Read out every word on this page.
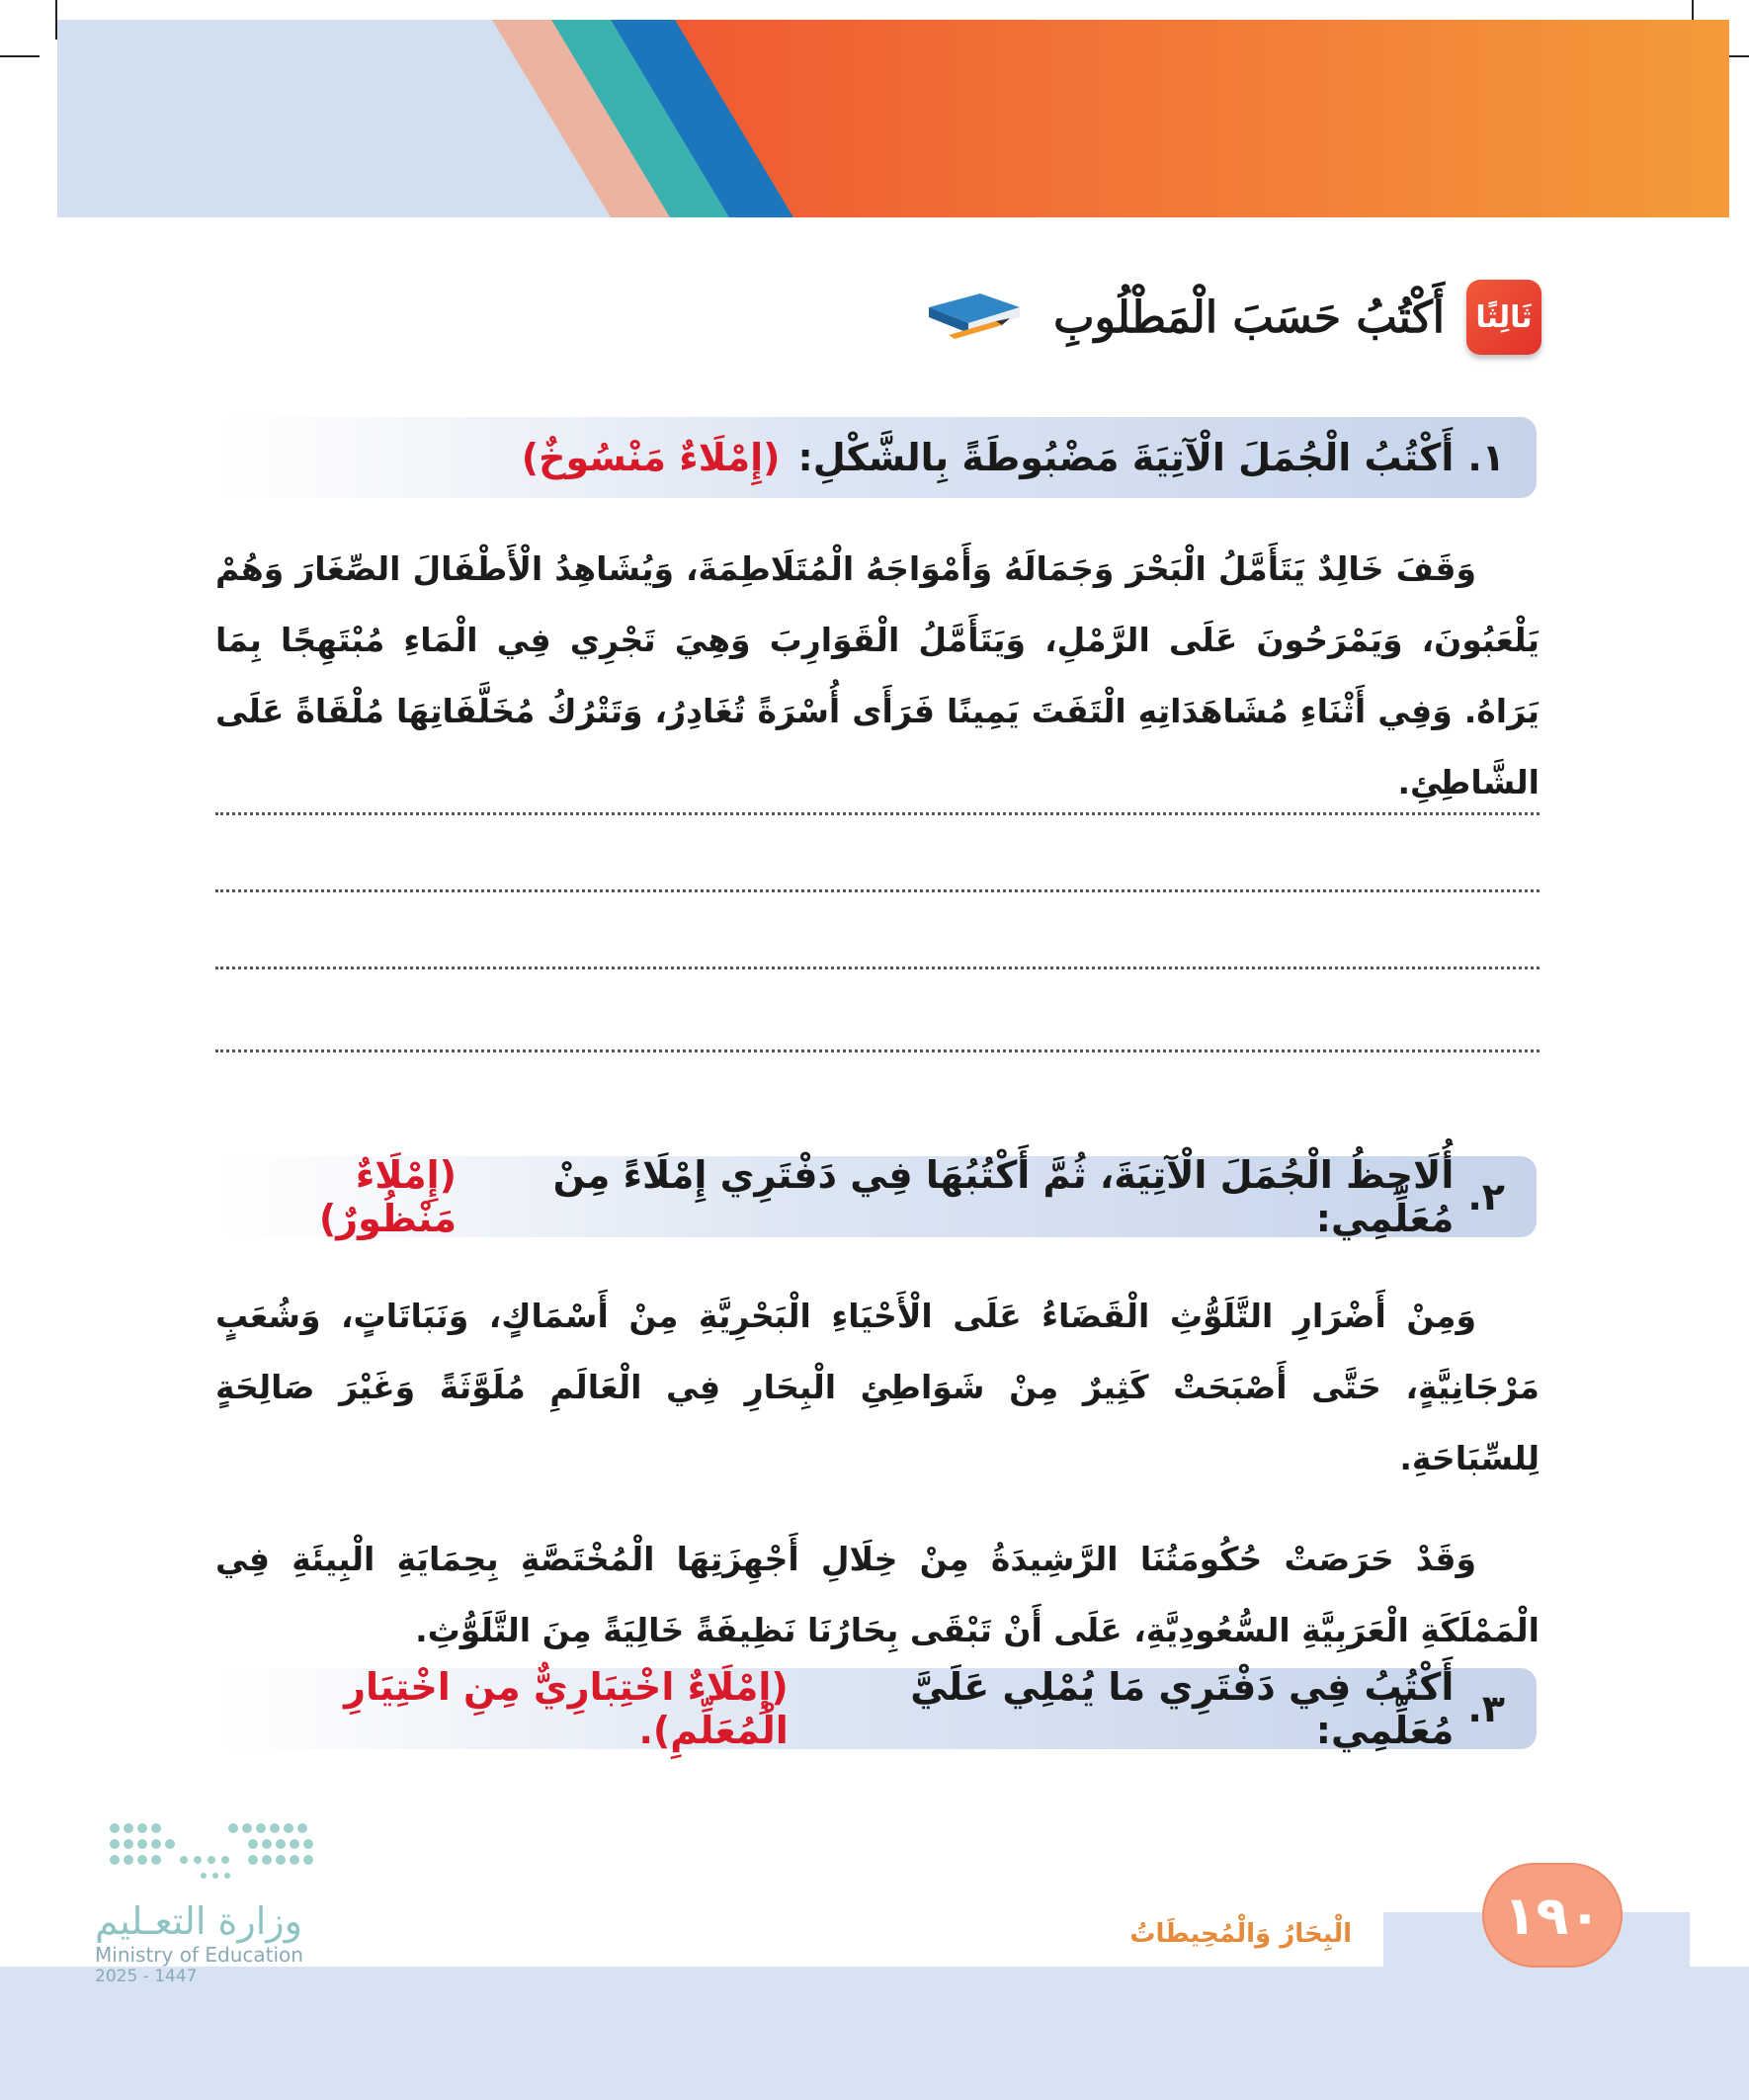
ثَالِثًا
أَكْتُبُ حَسَبَ الْمَطْلُوبِ
١.
أَكْتُبُ الْجُمَلَ الْآتِيَةَ مَضْبُوطَةً بِالشَّكْلِ:
(إِمْلَاءٌ مَنْسُوخٌ)

وَقَفَ خَالِدٌ يَتَأَمَّلُ الْبَحْرَ وَجَمَالَهُ وَأَمْوَاجَهُ الْمُتَلَاطِمَةَ، وَيُشَاهِدُ الْأَطْفَالَ الصِّغَارَ وَهُمْ يَلْعَبُونَ، وَيَمْرَحُونَ عَلَى الرَّمْلِ، وَيَتَأَمَّلُ الْقَوَارِبَ وَهِيَ تَجْرِي فِي الْمَاءِ مُبْتَهِجًا بِمَا يَرَاهُ. وَفِي أَثْنَاءِ مُشَاهَدَاتِهِ الْتَفَتَ يَمِينًا فَرَأَى أُسْرَةً تُغَادِرُ، وَتَتْرُكُ مُخَلَّفَاتِهَا مُلْقَاةً عَلَى الشَّاطِئِ.

٢.
أُلَاحِظُ الْجُمَلَ الْآتِيَةَ، ثُمَّ أَكْتُبُهَا فِي دَفْتَرِي إِمْلَاءً مِنْ مُعَلِّمِي:
(إِمْلَاءٌ مَنْظُورٌ)

وَمِنْ أَضْرَارِ التَّلَوُّثِ الْقَضَاءُ عَلَى الْأَحْيَاءِ الْبَحْرِيَّةِ مِنْ أَسْمَاكٍ، وَنَبَاتَاتٍ، وَشُعَبٍ مَرْجَانِيَّةٍ، حَتَّى أَصْبَحَتْ كَثِيرٌ مِنْ شَوَاطِئِ الْبِحَارِ فِي الْعَالَمِ مُلَوَّثَةً وَغَيْرَ صَالِحَةٍ لِلسِّبَاحَةِ.

وَقَدْ حَرَصَتْ حُكُومَتُنَا الرَّشِيدَةُ مِنْ خِلَالِ أَجْهِزَتِهَا الْمُخْتَصَّةِ بِحِمَايَةِ الْبِيئَةِ فِي الْمَمْلَكَةِ الْعَرَبِيَّةِ السُّعُودِيَّةِ، عَلَى أَنْ تَبْقَى بِحَارُنَا نَظِيفَةً خَالِيَةً مِنَ التَّلَوُّثِ.

٣.
أَكْتُبُ فِي دَفْتَرِي مَا يُمْلِي عَلَيَّ مُعَلِّمِي:
(إِمْلَاءٌ اخْتِبَارِيٌّ مِنِ اخْتِيَارِ الْمُعَلِّمِ).
١٩٠
الْبِحَارُ وَالْمُحِيطَاتُ
وزارة التعـليم
Ministry of Education
2025 - 1447
